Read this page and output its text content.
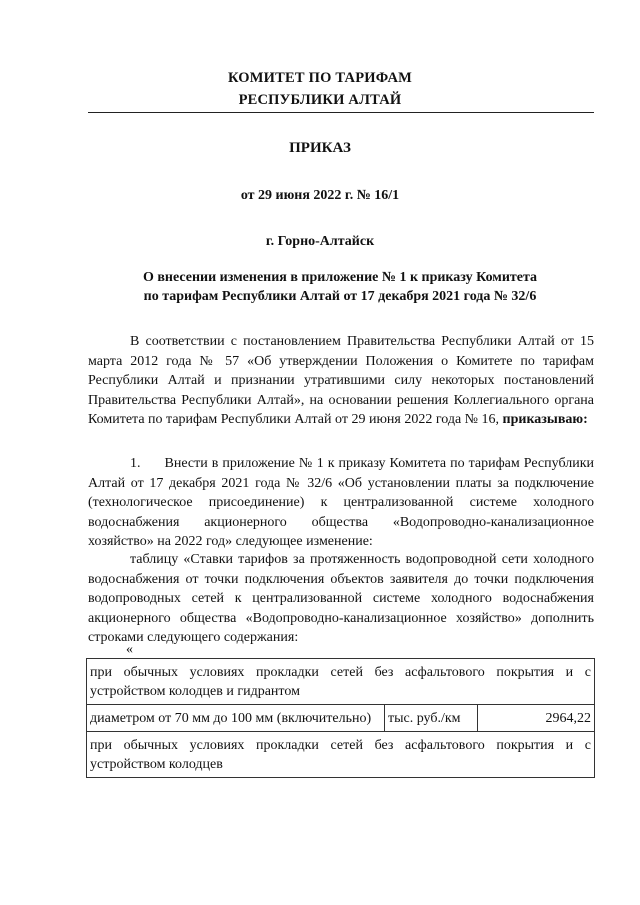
КОМИТЕТ ПО ТАРИФАМ
РЕСПУБЛИКИ АЛТАЙ
ПРИКАЗ
от 29 июня 2022 г. № 16/1
г. Горно-Алтайск
О внесении изменения в приложение № 1 к приказу Комитета
по тарифам Республики Алтай от 17 декабря 2021 года № 32/6
В соответствии с постановлением Правительства Республики Алтай от 15 марта 2012 года № 57 «Об утверждении Положения о Комитете по тарифам Республики Алтай и признании утратившими силу некоторых постановлений Правительства Республики Алтай», на основании решения Коллегиального органа Комитета по тарифам Республики Алтай от 29 июня 2022 года № 16, приказываю:
1.      Внести в приложение № 1 к приказу Комитета по тарифам Республики Алтай от 17 декабря 2021 года № 32/6 «Об установлении платы за подключение (технологическое присоединение) к централизованной системе холодного водоснабжения акционерного общества «Водопроводно-канализационное хозяйство» на 2022 год» следующее изменение:
таблицу «Ставки тарифов за протяженность водопроводной сети холодного водоснабжения от точки подключения объектов заявителя до точки подключения водопроводных сетей к централизованной системе холодного водоснабжения акционерного общества «Водопроводно-канализационное хозяйство» дополнить строками следующего содержания:
«
при обычных условиях прокладки сетей без асфальтового покрытия и с устройством колодцев и гидрантом
диаметром от 70 мм до 100 мм (включительно)	тыс. руб./км	2964,22
при обычных условиях прокладки сетей без асфальтового покрытия и с устройством колодцев
